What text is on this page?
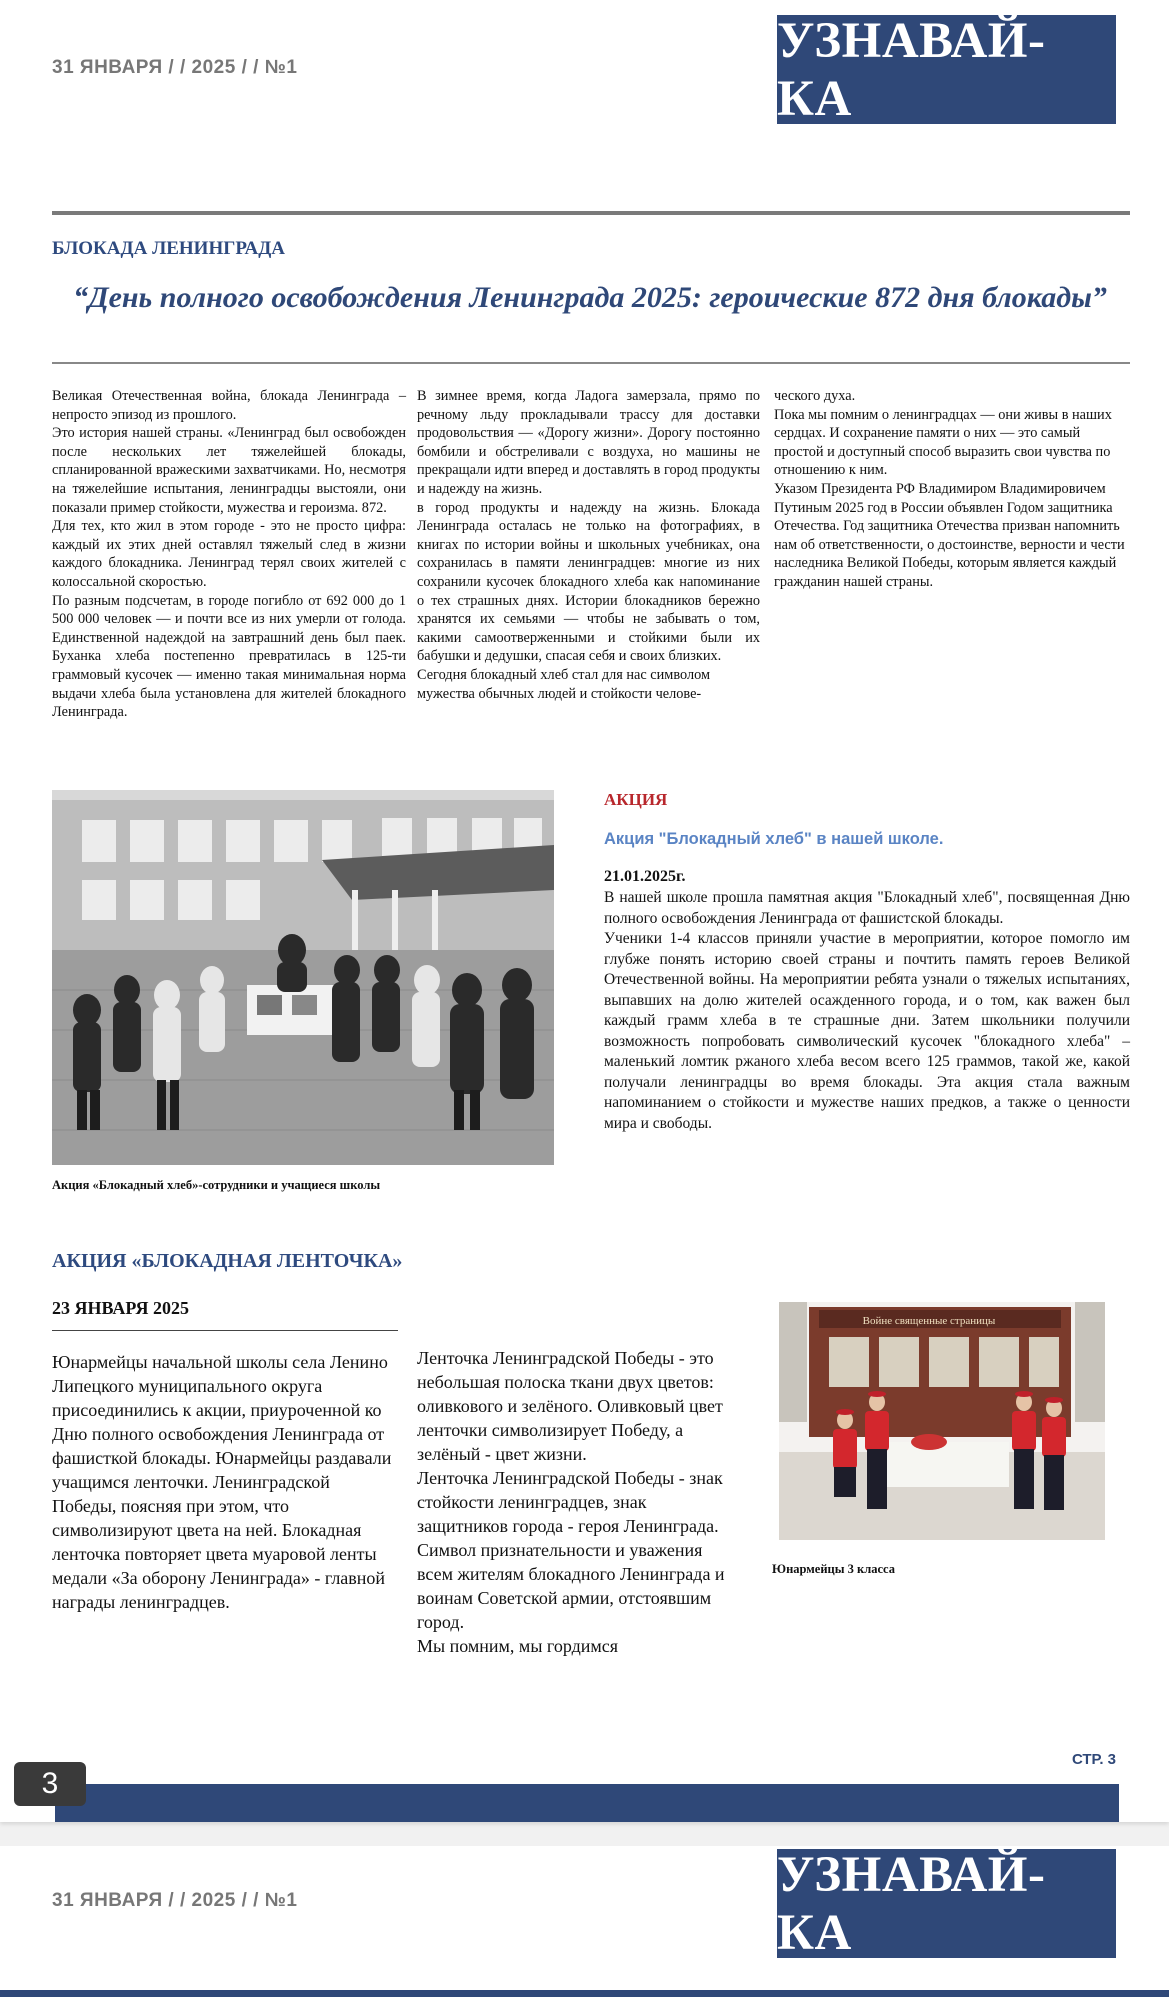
31 ЯНВАРЯ / / 2025 / / №1	УЗНАВАЙ-КА
БЛОКАДА ЛЕНИНГРАДА
“День полного освобождения Ленинграда 2025: героические 872 дня блокады”

Великая Отечественная война, блокада Ленинграда – непросто эпизод из прошлого.

Это история нашей страны. «Ленинград был освобожден после нескольких лет тяжелейшей блокады, спланированной вражескими захватчиками. Но, несмотря на тяжелейшие испытания, ленинградцы выстояли, они показали пример стойкости, мужества и героизма. 872.

Для тех, кто жил в этом городе - это не просто цифра: каждый их этих дней оставлял тяжелый след в жизни каждого блокадника. Ленинград терял своих жителей с колоссальной скоростью.

По разным подсчетам, в городе погибло от 692 000 до 1 500 000 человек — и почти все из них умерли от голода. Единственной надеждой на завтрашний день был паек. Буханка хлеба постепенно превратилась в 125-ти граммовый кусочек — именно такая минимальная норма выдачи хлеба была установлена для жителей блокадного Ленинграда.

В зимнее время, когда Ладога замерзала, прямо по речному льду прокладывали трассу для доставки продовольствия — «Дорогу жизни». Дорогу постоянно бомбили и обстреливали с воздуха, но машины не прекращали идти вперед и доставлять в город продукты и надежду на жизнь.

в город продукты и надежду на жизнь. Блокада Ленинграда осталась не только на фотографиях, в книгах по истории войны и школьных учебниках, она сохранилась в памяти ленинградцев: многие из них сохранили кусочек блокадного хлеба как напоминание о тех страшных днях. Истории блокадников бережно хранятся их семьями — чтобы не забывать о том, какими самоотверженными и стойкими были их бабушки и дедушки, спасая себя и своих близких.

Сегодня блокадный хлеб стал для нас символом мужества обычных людей и стойкости челове-

ческого духа.

Пока мы помним о ленинградцах — они живы в наших сердцах. И сохранение памяти о них — это самый простой и доступный способ выразить свои чувства по отношению к ним.

Указом Президента РФ Владимиром Владимировичем Путиным 2025 год в России объявлен Годом защитника Отечества. Год защитника Отечества призван напомнить нам об ответственности, о достоинстве, верности и чести наследника Великой Победы, которым является каждый гражданин нашей страны.

Акция «Блокадный хлеб»-сотрудники и учащиеся школы
АКЦИЯ
Акция "Блокадный хлеб" в нашей школе.
21.01.2025г.

В нашей школе прошла памятная акция "Блокадный хлеб", посвященная Дню полного освобождения Ленинграда от фашистской блокады.

Ученики 1-4 классов приняли участие в мероприятии, которое помогло им глубже понять историю своей страны и почтить память героев Великой Отечественной войны. На мероприятии ребята узнали о тяжелых испытаниях, выпавших на долю жителей осажденного города, и о том, как важен был каждый грамм хлеба в те страшные дни. Затем школьники получили возможность попробовать символический кусочек "блокадного хлеба" – маленький ломтик ржаного хлеба весом всего 125 граммов, такой же, какой получали ленинградцы во время блокады. Эта акция стала важным напоминанием о стойкости и мужестве наших предков, а также о ценности мира и свободы.

АКЦИЯ «БЛОКАДНАЯ ЛЕНТОЧКА»
23 ЯНВАРЯ 2025

Юнармейцы начальной школы села Ленино Липецкого муниципального округа присоединились к акции, приуроченной ко Дню полного освобождения Ленинграда от фашисткой блокады. Юнармейцы раздавали учащимся ленточки. Ленинградской Победы, поясняя при этом, что символизируют цвета на ней. Блокадная ленточка повторяет цвета муаровой ленты медали «За оборону Ленинграда» - главной награды ленинградцев.

Ленточка Ленинградской Победы - это небольшая полоска ткани двух цветов: оливкового и зелёного. Оливковый цвет ленточки символизирует Победу, а зелёный - цвет жизни.

Ленточка Ленинградской Победы - знак стойкости ленинградцев, знак защитников города - героя Ленинграда. Символ признательности и уважения всем жителям блокадного Ленинграда и воинам Советской армии, отстоявшим город.

Мы помним, мы гордимся

Войне священные страницы
Юнармейцы 3 класса
СТР. 3
3
31 ЯНВАРЯ / / 2025 / / №1	УЗНАВАЙ-КА
